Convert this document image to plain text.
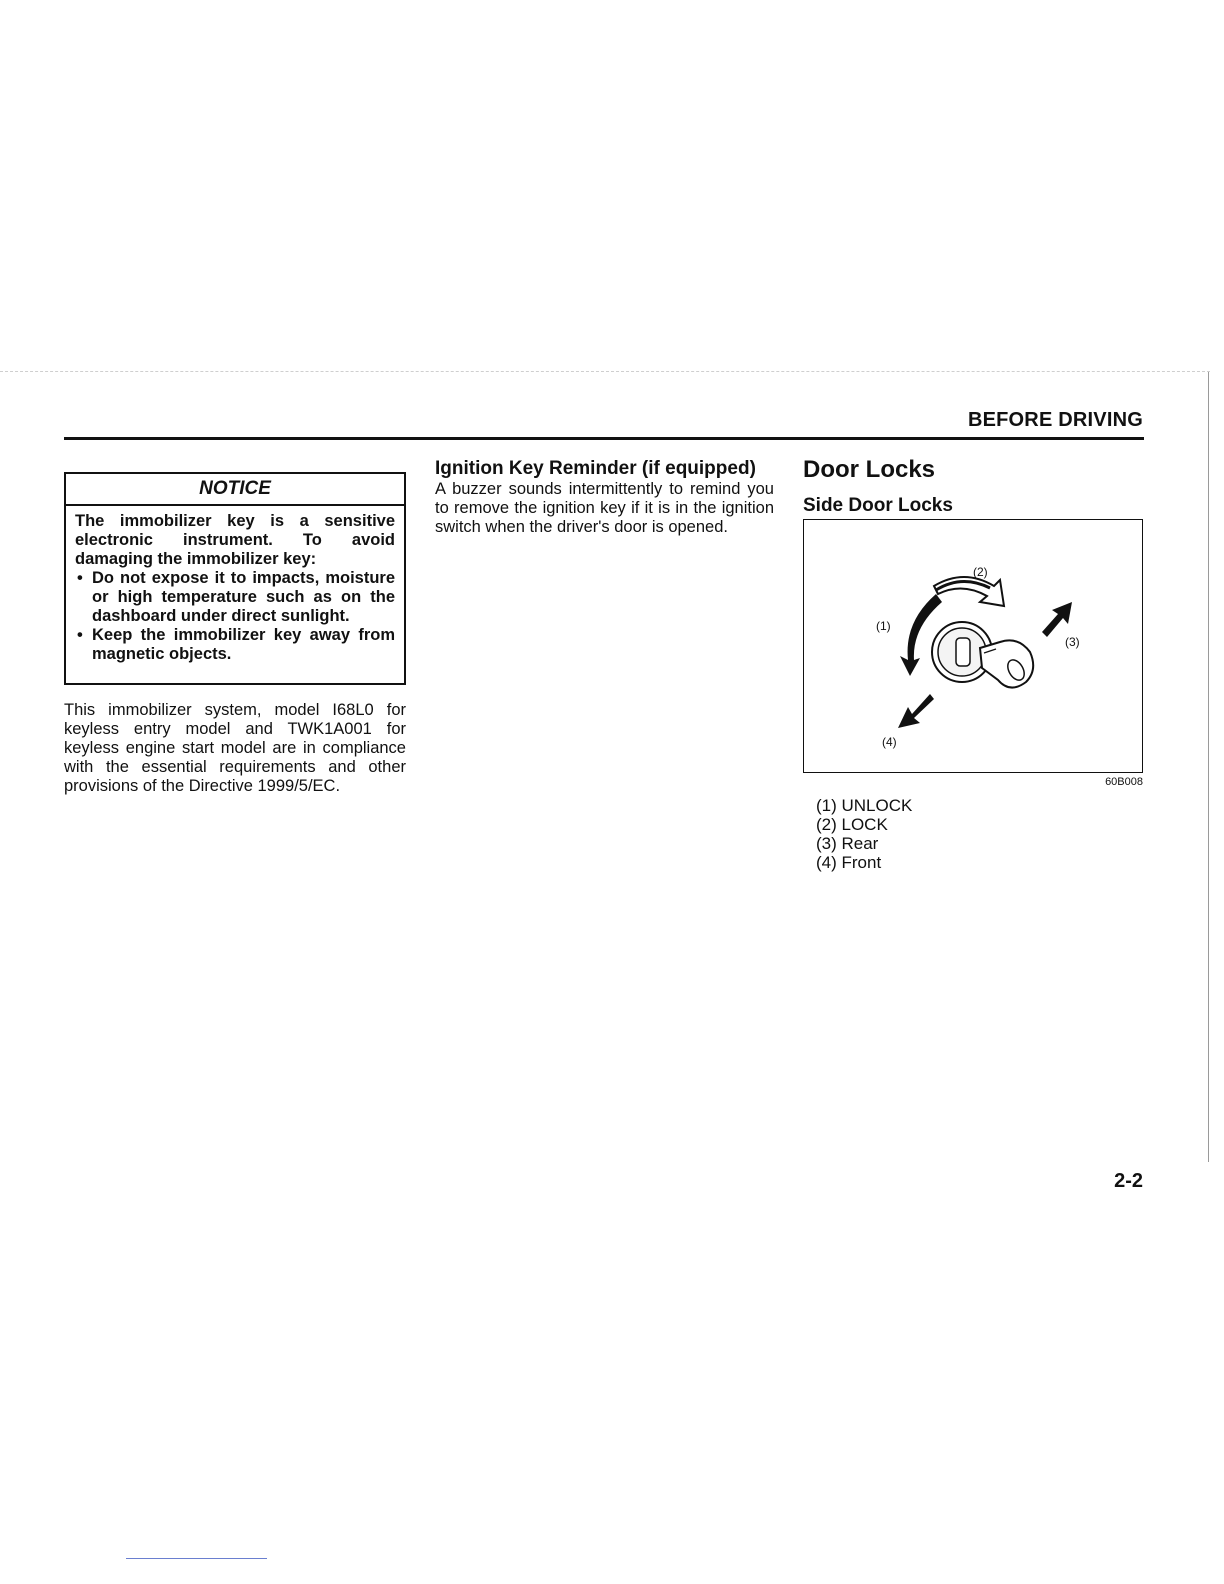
BEFORE DRIVING
NOTICE
The immobilizer key is a sensitive electronic instrument. To avoid damaging the immobilizer key:
• Do not expose it to impacts, moisture or high temperature such as on the dashboard under direct sunlight.
• Keep the immobilizer key away from magnetic objects.
This immobilizer system, model I68L0 for keyless entry model and TWK1A001 for keyless engine start model are in compliance with the essential requirements and other provisions of the Directive 1999/5/EC.
Ignition Key Reminder (if equipped)
A buzzer sounds intermittently to remind you to remove the ignition key if it is in the ignition switch when the driver's door is opened.
Door Locks
Side Door Locks
(1)
(2)
(3)
(4)
60B008
(1) UNLOCK
(2) LOCK
(3) Rear
(4) Front
2-2
